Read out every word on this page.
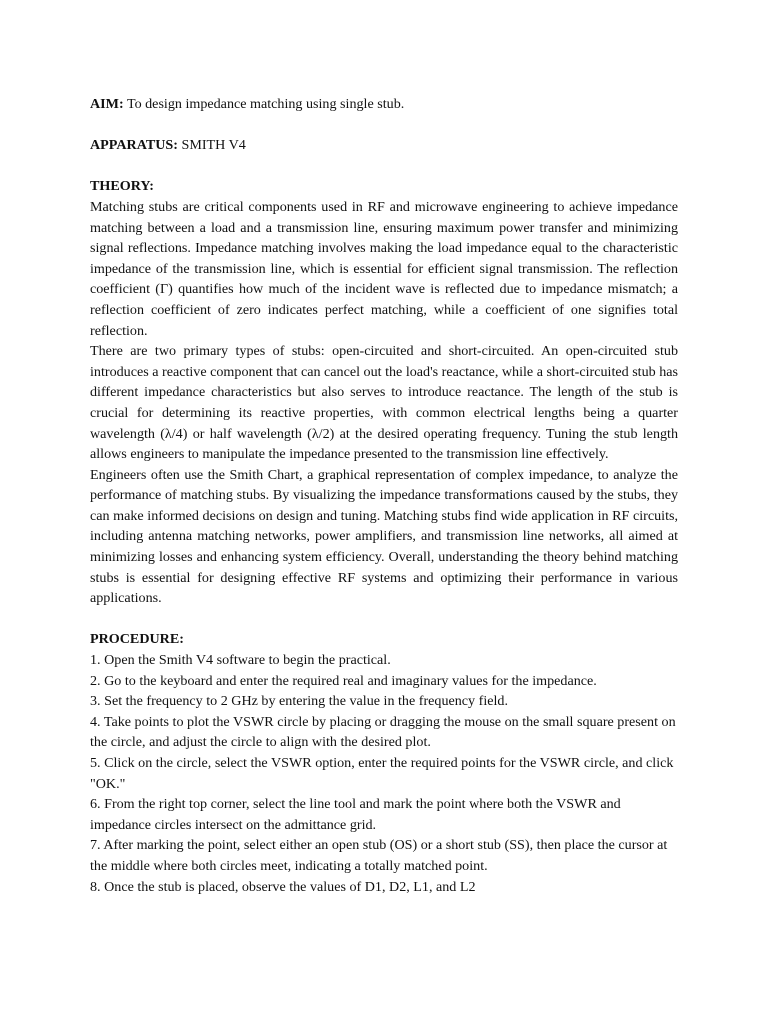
AIM: To design impedance matching using single stub.

APPARATUS: SMITH V4

THEORY:

Matching stubs are critical components used in RF and microwave engineering to achieve impedance matching between a load and a transmission line, ensuring maximum power transfer and minimizing signal reflections. Impedance matching involves making the load impedance equal to the characteristic impedance of the transmission line, which is essential for efficient signal transmission. The reflection coefficient (Γ) quantifies how much of the incident wave is reflected due to impedance mismatch; a reflection coefficient of zero indicates perfect matching, while a coefficient of one signifies total reflection.

There are two primary types of stubs: open-circuited and short-circuited. An open-circuited stub introduces a reactive component that can cancel out the load's reactance, while a short-circuited stub has different impedance characteristics but also serves to introduce reactance. The length of the stub is crucial for determining its reactive properties, with common electrical lengths being a quarter wavelength (λ/4) or half wavelength (λ/2) at the desired operating frequency. Tuning the stub length allows engineers to manipulate the impedance presented to the transmission line effectively.

Engineers often use the Smith Chart, a graphical representation of complex impedance, to analyze the performance of matching stubs. By visualizing the impedance transformations caused by the stubs, they can make informed decisions on design and tuning. Matching stubs find wide application in RF circuits, including antenna matching networks, power amplifiers, and transmission line networks, all aimed at minimizing losses and enhancing system efficiency. Overall, understanding the theory behind matching stubs is essential for designing effective RF systems and optimizing their performance in various applications.

PROCEDURE:

1. Open the Smith V4 software to begin the practical.
2. Go to the keyboard and enter the required real and imaginary values for the impedance.
3. Set the frequency to 2 GHz by entering the value in the frequency field.
4. Take points to plot the VSWR circle by placing or dragging the mouse on the small square present on the circle, and adjust the circle to align with the desired plot.
5. Click on the circle, select the VSWR option, enter the required points for the VSWR circle, and click "OK."
6. From the right top corner, select the line tool and mark the point where both the VSWR and impedance circles intersect on the admittance grid.
7. After marking the point, select either an open stub (OS) or a short stub (SS), then place the cursor at the middle where both circles meet, indicating a totally matched point.
8. Once the stub is placed, observe the values of D1, D2, L1, and L2
